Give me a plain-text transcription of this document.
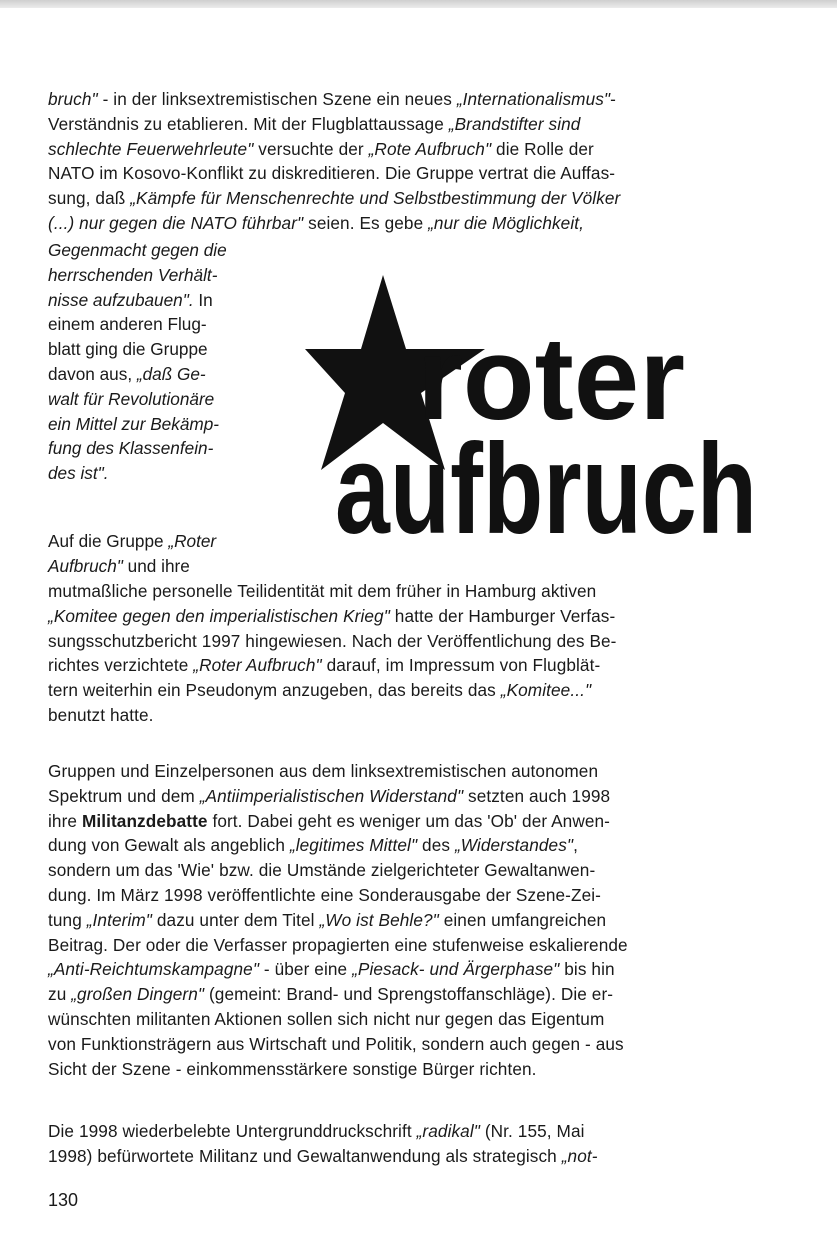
bruch" - in der linksextremistischen Szene ein neues „Internationalismus"-

Verständnis zu etablieren. Mit der Flugblattaussage „Brandstifter sind

schlechte Feuerwehrleute" versuchte der „Rote Aufbruch" die Rolle der

NATO im Kosovo-Konflikt zu diskreditieren. Die Gruppe vertrat die Auffas-

sung, daß „Kämpfe für Menschenrechte und Selbstbestimmung der Völker

(...) nur gegen die NATO führbar" seien. Es gebe „nur die Möglichkeit,

Gegenmacht gegen die

herrschenden Verhält-

nisse aufzubauen". In

einem anderen Flug-

blatt ging die Gruppe

davon aus, „daß Ge-

walt für Revolutionäre

ein Mittel zur Bekämp-

fung des Klassenfein-

des ist".

Auf die Gruppe „Roter

Aufbruch" und ihre

roter
aufbruch

mutmaßliche personelle Teilidentität mit dem früher in Hamburg aktiven

„Komitee gegen den imperialistischen Krieg" hatte der Hamburger Verfas-

sungsschutzbericht 1997 hingewiesen. Nach der Veröffentlichung des Be-

richtes verzichtete „Roter Aufbruch" darauf, im Impressum von Flugblät-

tern weiterhin ein Pseudonym anzugeben, das bereits das „Komitee..."

benutzt hatte.

Gruppen und Einzelpersonen aus dem linksextremistischen autonomen

Spektrum und dem „Antiimperialistischen Widerstand" setzten auch 1998

ihre Militanzdebatte fort. Dabei geht es weniger um das 'Ob' der Anwen-

dung von Gewalt als angeblich „legitimes Mittel" des „Widerstandes",

sondern um das 'Wie' bzw. die Umstände zielgerichteter Gewaltanwen-

dung. Im März 1998 veröffentlichte eine Sonderausgabe der Szene-Zei-

tung „Interim" dazu unter dem Titel „Wo ist Behle?" einen umfangreichen

Beitrag. Der oder die Verfasser propagierten eine stufenweise eskalierende

„Anti-Reichtumskampagne" - über eine „Piesack- und Ärgerphase" bis hin

zu „großen Dingern" (gemeint: Brand- und Sprengstoffanschläge). Die er-

wünschten militanten Aktionen sollen sich nicht nur gegen das Eigentum

von Funktionsträgern aus Wirtschaft und Politik, sondern auch gegen - aus

Sicht der Szene - einkommensstärkere sonstige Bürger richten.

Die 1998 wiederbelebte Untergrunddruckschrift „radikal" (Nr. 155, Mai

1998) befürwortete Militanz und Gewaltanwendung als strategisch „not-

130
